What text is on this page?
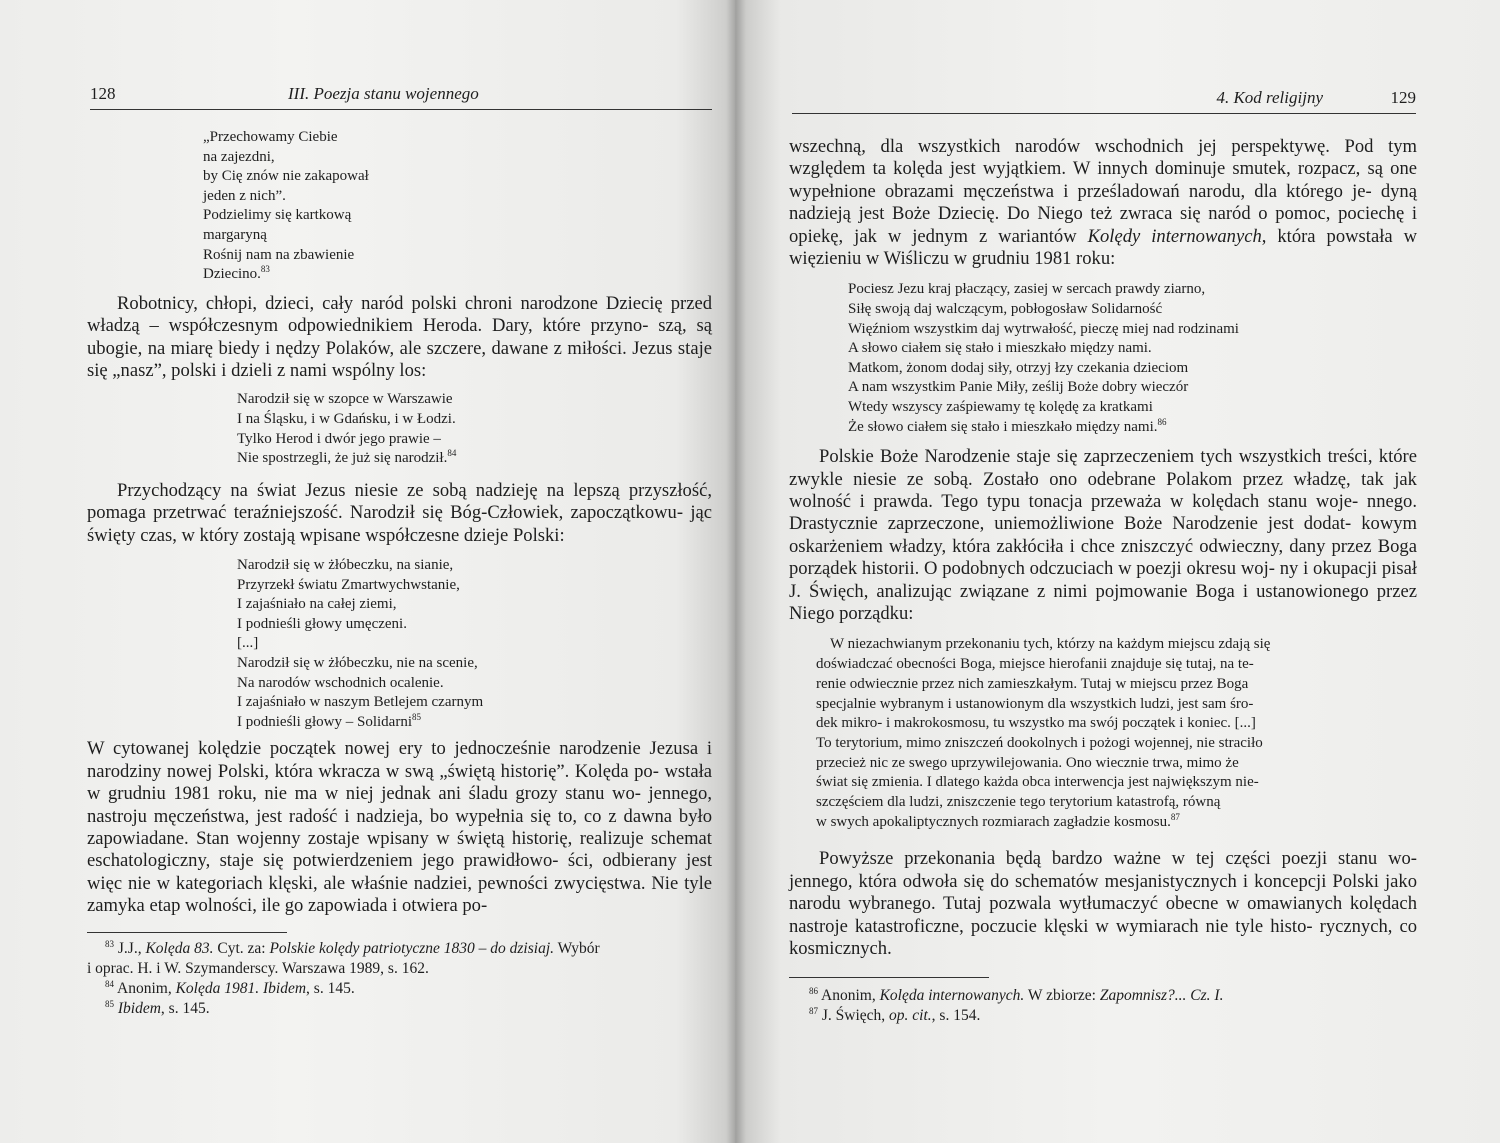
128	III. Poezja stanu wojennego
„Przechowamy Ciebie
na zajezdni,
by Cię znów nie zakapował
jeden z nich”.
Podzielimy się kartkową
margaryną
Rośnij nam na zbawienie
Dziecino.$^{83}$

Robotnicy, chłopi, dzieci, cały naród polski chroni narodzone Dziecię przed władzą – współczesnym odpowiednikiem Heroda. Dary, które przyno- szą, są ubogie, na miarę biedy i nędzy Polaków, ale szczere, dawane z miłości. Jezus staje się „nasz”, polski i dzieli z nami wspólny los:

Narodził się w szopce w Warszawie
I na Śląsku, i w Gdańsku, i w Łodzi.
Tylko Herod i dwór jego prawie –
Nie spostrzegli, że już się narodził.$^{84}$

Przychodzący na świat Jezus niesie ze sobą nadzieję na lepszą przyszłość, pomaga przetrwać teraźniejszość. Narodził się Bóg-Człowiek, zapoczątkowu- jąc święty czas, w który zostają wpisane współczesne dzieje Polski:

Narodził się w żłóbeczku, na sianie,
Przyrzekł światu Zmartwychwstanie,
I zajaśniało na całej ziemi,
I podnieśli głowy umęczeni.
[...]
Narodził się w żłóbeczku, nie na scenie,
Na narodów wschodnich ocalenie.
I zajaśniało w naszym Betlejem czarnym
I podnieśli głowy – Solidarni$^{85}$

W cytowanej kolędzie początek nowej ery to jednocześnie narodzenie Jezusa i narodziny nowej Polski, która wkracza w swą „świętą historię”. Kolęda po- wstała w grudniu 1981 roku, nie ma w niej jednak ani śladu grozy stanu wo- jennego, nastroju męczeństwa, jest radość i nadzieja, bo wypełnia się to, co z dawna było zapowiadane. Stan wojenny zostaje wpisany w świętą historię, realizuje schemat eschatologiczny, staje się potwierdzeniem jego prawidłowo- ści, odbierany jest więc nie w kategoriach klęski, ale właśnie nadziei, pewności zwycięstwa. Nie tyle zamyka etap wolności, ile go zapowiada i otwiera po-

$^{83}$ J.J., Kolęda 83. Cyt. za: Polskie kolędy patriotyczne 1830 – do dzisiaj. Wybór
i oprac. H. i W. Szymanderscy. Warszawa 1989, s. 162.
$^{84}$ Anonim, Kolęda 1981. Ibidem, s. 145.
$^{85}$ Ibidem, s. 145.
4. Kod religijny	129

wszechną, dla wszystkich narodów wschodnich jej perspektywę. Pod tym względem ta kolęda jest wyjątkiem. W innych dominuje smutek, rozpacz, są one wypełnione obrazami męczeństwa i prześladowań narodu, dla którego je- dyną nadzieją jest Boże Dziecię. Do Niego też zwraca się naród o pomoc, pociechę i opiekę, jak w jednym z wariantów Kolędy internowanych, która powstała w więzieniu w Wiśliczu w grudniu 1981 roku:

Pociesz Jezu kraj płaczący, zasiej w sercach prawdy ziarno,
Siłę swoją daj walczącym, pobłogosław Solidarność
Więźniom wszystkim daj wytrwałość, pieczę miej nad rodzinami
A słowo ciałem się stało i mieszkało między nami.
Matkom, żonom dodaj siły, otrzyj łzy czekania dzieciom
A nam wszystkim Panie Miły, ześlij Boże dobry wieczór
Wtedy wszyscy zaśpiewamy tę kolędę za kratkami
Że słowo ciałem się stało i mieszkało między nami.$^{86}$

Polskie Boże Narodzenie staje się zaprzeczeniem tych wszystkich treści, które zwykle niesie ze sobą. Zostało ono odebrane Polakom przez władzę, tak jak wolność i prawda. Tego typu tonacja przeważa w kolędach stanu woje- nnego. Drastycznie zaprzeczone, uniemożliwione Boże Narodzenie jest dodat- kowym oskarżeniem władzy, która zakłóciła i chce zniszczyć odwieczny, dany przez Boga porządek historii. O podobnych odczuciach w poezji okresu woj- ny i okupacji pisał J. Święch, analizując związane z nimi pojmowanie Boga i ustanowionego przez Niego porządku:

W niezachwianym przekonaniu tych, którzy na każdym miejscu zdają się
doświadczać obecności Boga, miejsce hierofanii znajduje się tutaj, na te-
renie odwiecznie przez nich zamieszkałym. Tutaj w miejscu przez Boga
specjalnie wybranym i ustanowionym dla wszystkich ludzi, jest sam śro-
dek mikro- i makrokosmosu, tu wszystko ma swój początek i koniec. [...]
To terytorium, mimo zniszczeń dookolnych i pożogi wojennej, nie straciło
przecież nic ze swego uprzywilejowania. Ono wiecznie trwa, mimo że
świat się zmienia. I dlatego każda obca interwencja jest największym nie-
szczęściem dla ludzi, zniszczenie tego terytorium katastrofą, równą
w swych apokaliptycznych rozmiarach zagładzie kosmosu.$^{87}$

Powyższe przekonania będą bardzo ważne w tej części poezji stanu wo- jennego, która odwoła się do schematów mesjanistycznych i koncepcji Polski jako narodu wybranego. Tutaj pozwala wytłumaczyć obecne w omawianych kolędach nastroje katastroficzne, poczucie klęski w wymiarach nie tyle histo- rycznych, co kosmicznych.

$^{86}$ Anonim, Kolęda internowanych. W zbiorze: Zapomnisz?... Cz. I.
$^{87}$ J. Święch, op. cit., s. 154.
